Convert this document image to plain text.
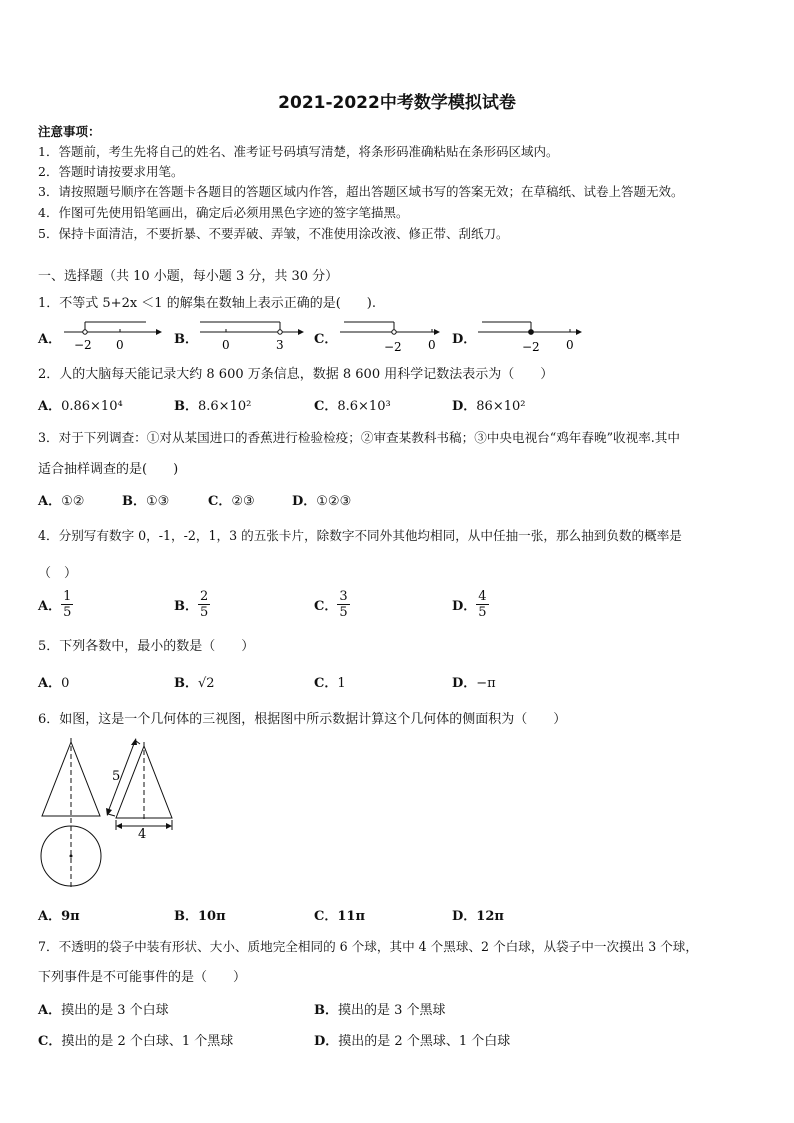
2021-2022中考数学模拟试卷
注意事项：
1．答题前，考生先将自己的姓名、准考证号码填写清楚，将条形码准确粘贴在条形码区域内。
2．答题时请按要求用笔。
3．请按照题号顺序在答题卡各题目的答题区域内作答，超出答题区域书写的答案无效；在草稿纸、试卷上答题无效。
4．作图可先使用铅笔画出，确定后必须用黑色字迹的签字笔描黑。
5．保持卡面清洁，不要折暴、不要弄破、弄皱，不准使用涂改液、修正带、刮纸刀。
一、选择题（共 10 小题，每小题 3 分，共 30 分）
1．不等式 5+2x ＜1 的解集在数轴上表示正确的是(　　).
A． −2 0	B． 0	3 C．	−2 0 D．	−2 0
2．人的大脑每天能记录大约 8 600 万条信息，数据 8 600 用科学记数法表示为（　　）
A．0.86×10⁴	B．8.6×10²	C．8.6×10³	D．86×10²
3．对于下列调查：①对从某国进口的香蕉进行检验检疫；②审查某教科书稿；③中央电视台“鸡年春晚”收视率.其中
适合抽样调查的是(　　)
A．①②	B．①③	C．②③	D．①②③
4．分别写有数字 0，-1，-2，1，3 的五张卡片，除数字不同外其他均相同，从中任抽一张，那么抽到负数的概率是
（　）
A． $\frac{1}{5}$	B． $\frac{2}{5}$	C． $\frac{3}{5}$	D． $\frac{4}{5}$
5．下列各数中，最小的数是（　　）
A．0	B．√2	C．1	D．−π
6．如图，这是一个几何体的三视图，根据图中所示数据计算这个几何体的侧面积为（　　）
5
4
A．9π	B．10π	C．11π	D．12π
7．不透明的袋子中装有形状、大小、质地完全相同的 6 个球，其中 4 个黑球、2 个白球，从袋子中一次摸出 3 个球，
下列事件是不可能事件的是（　　）
A．摸出的是 3 个白球	B．摸出的是 3 个黑球
C．摸出的是 2 个白球、1 个黑球	D．摸出的是 2 个黑球、1 个白球
